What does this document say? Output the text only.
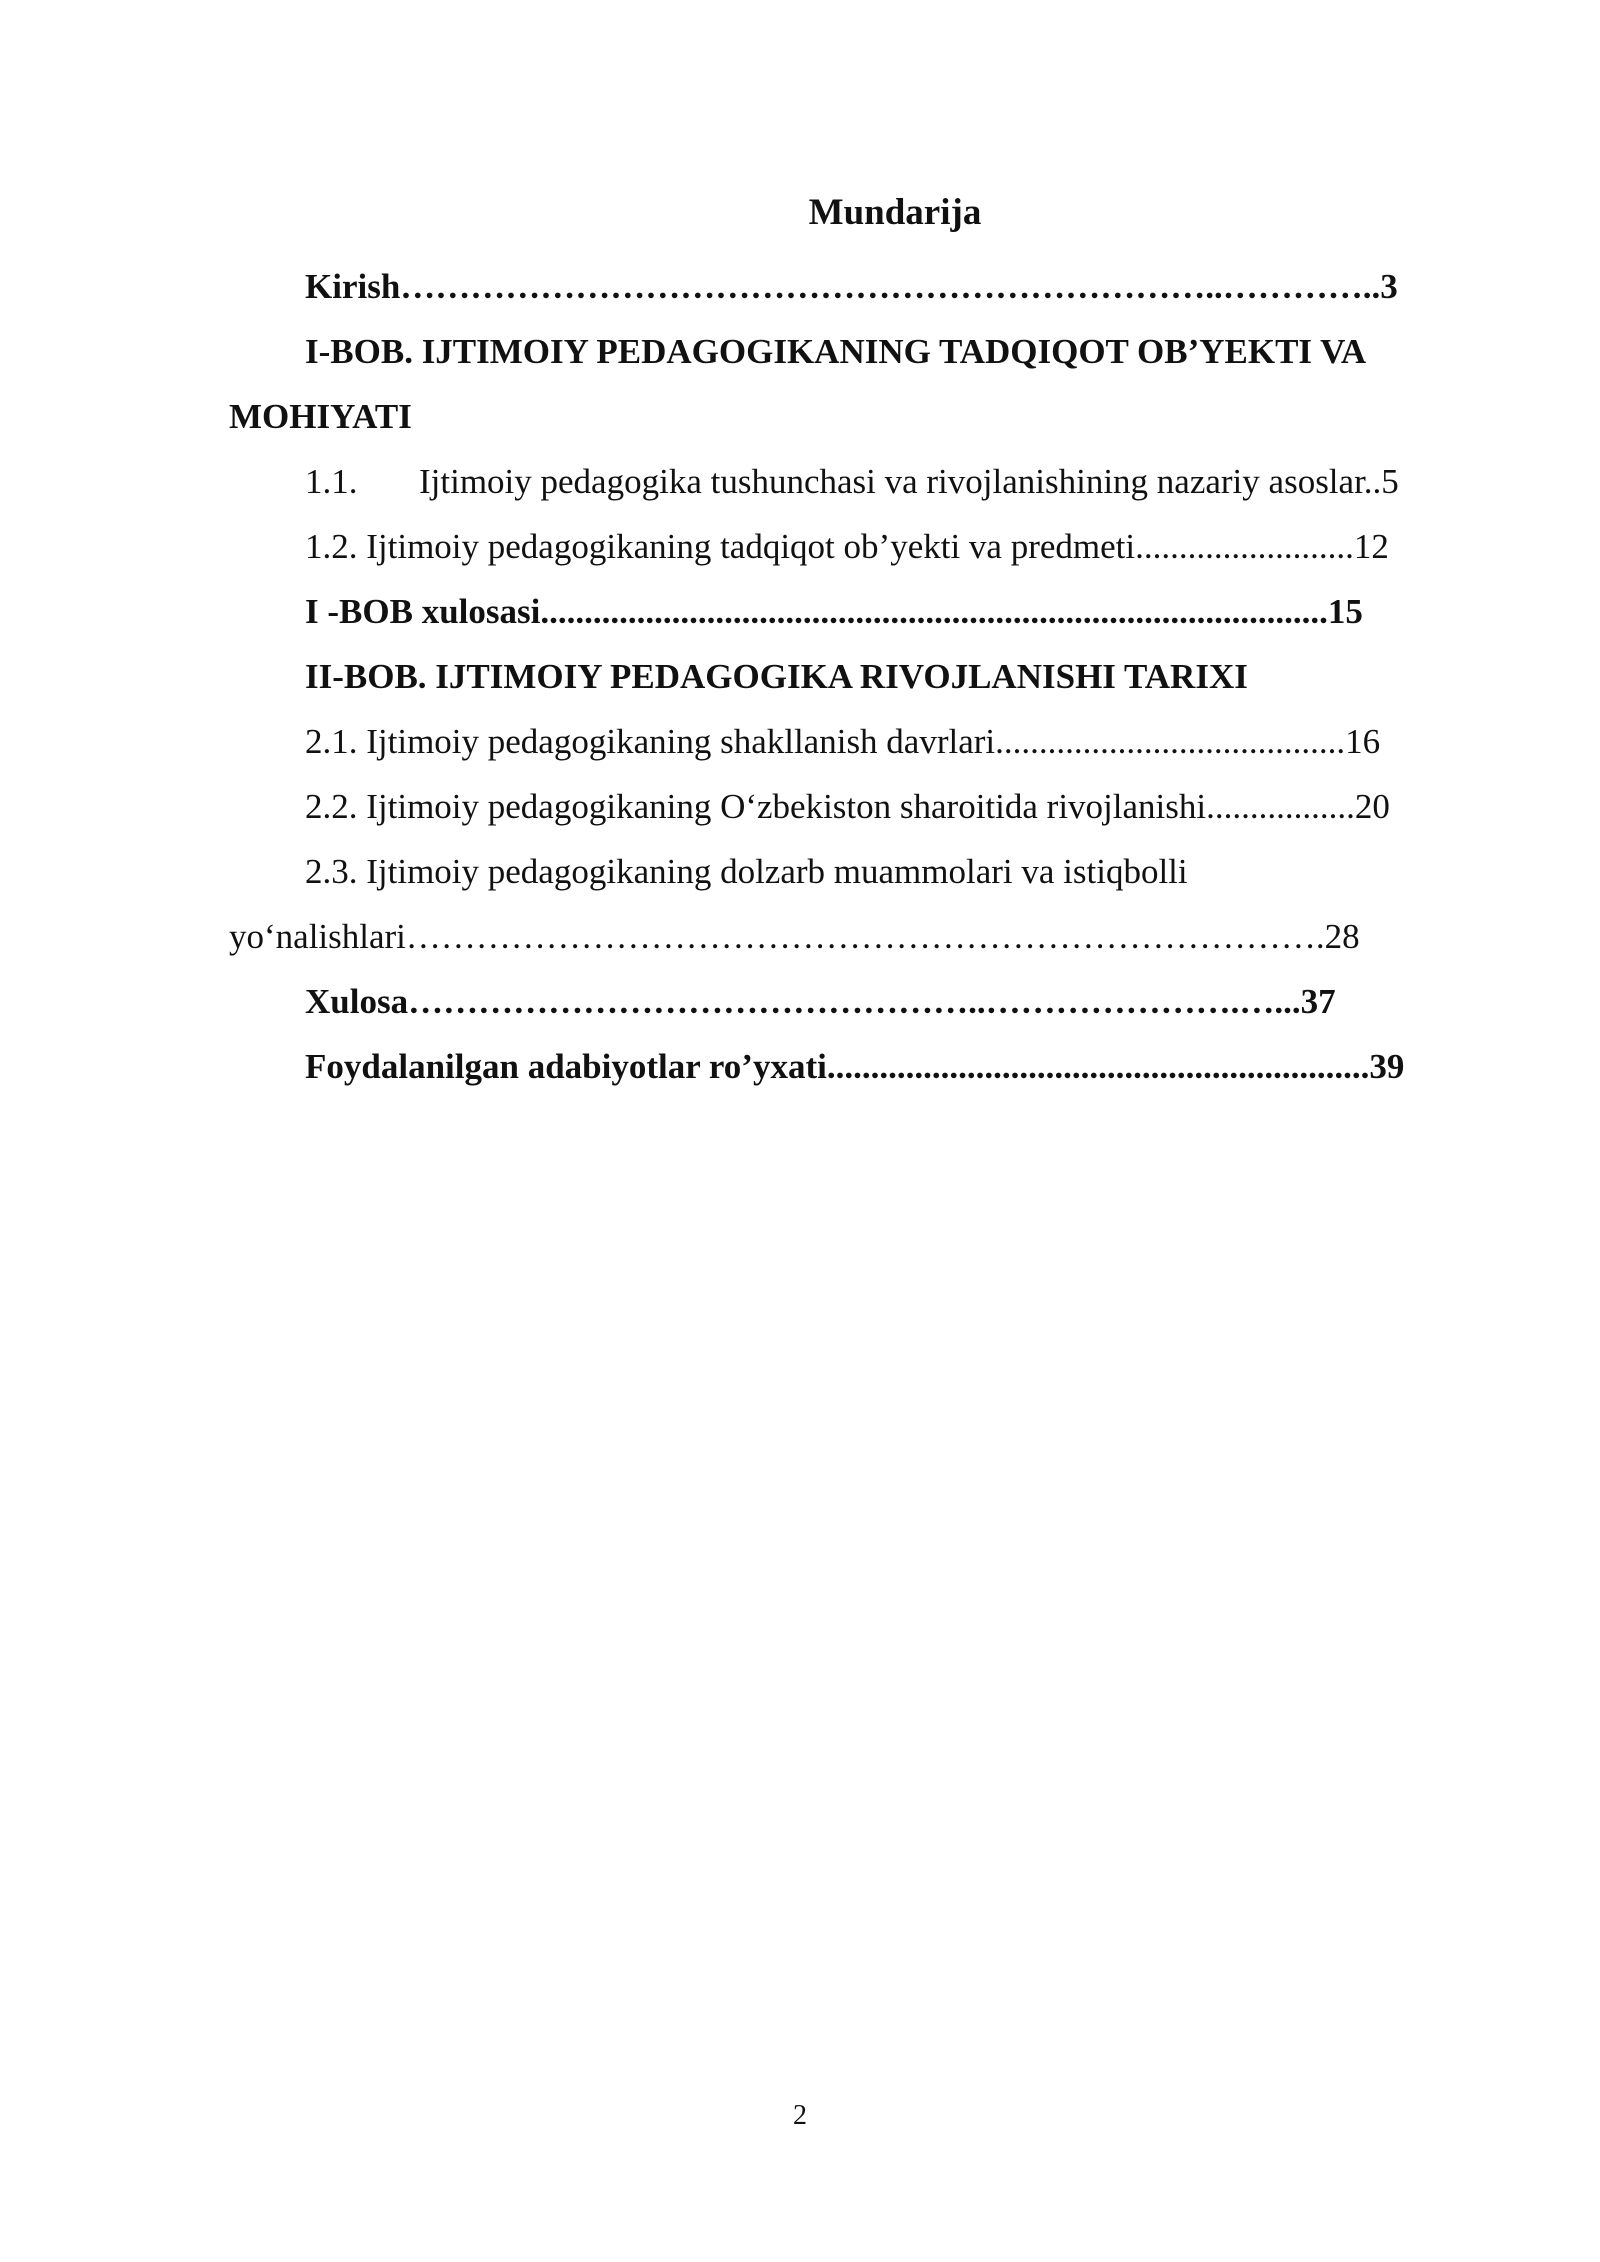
Mundarija
Kirish……………………………………………………………..…………..3
I-BOB. IJTIMOIY PEDAGOGIKANING TADQIQOT OB’YEKTI VA
MOHIYATI
1.1. Ijtimoiy pedagogika tushunchasi va rivojlanishining nazariy asoslar..5
1.2. Ijtimoiy pedagogikaning tadqiqot ob’yekti va predmeti.........................12
I -BOB xulosasi..........................................................................................15
II-BOB. IJTIMOIY PEDAGOGIKA RIVOJLANISHI TARIXI
2.1. Ijtimoiy pedagogikaning shakllanish davrlari........................................16
2.2. Ijtimoiy pedagogikaning O‘zbekiston sharoitida rivojlanishi.................20
2.3. Ijtimoiy pedagogikaning dolzarb muammolari va istiqbolli
yo‘nalishlari…………………………………………………………………….28
Xulosa…………………………………………..………………….…...37
Foydalanilgan adabiyotlar ro’yxati..............................................................39
2
